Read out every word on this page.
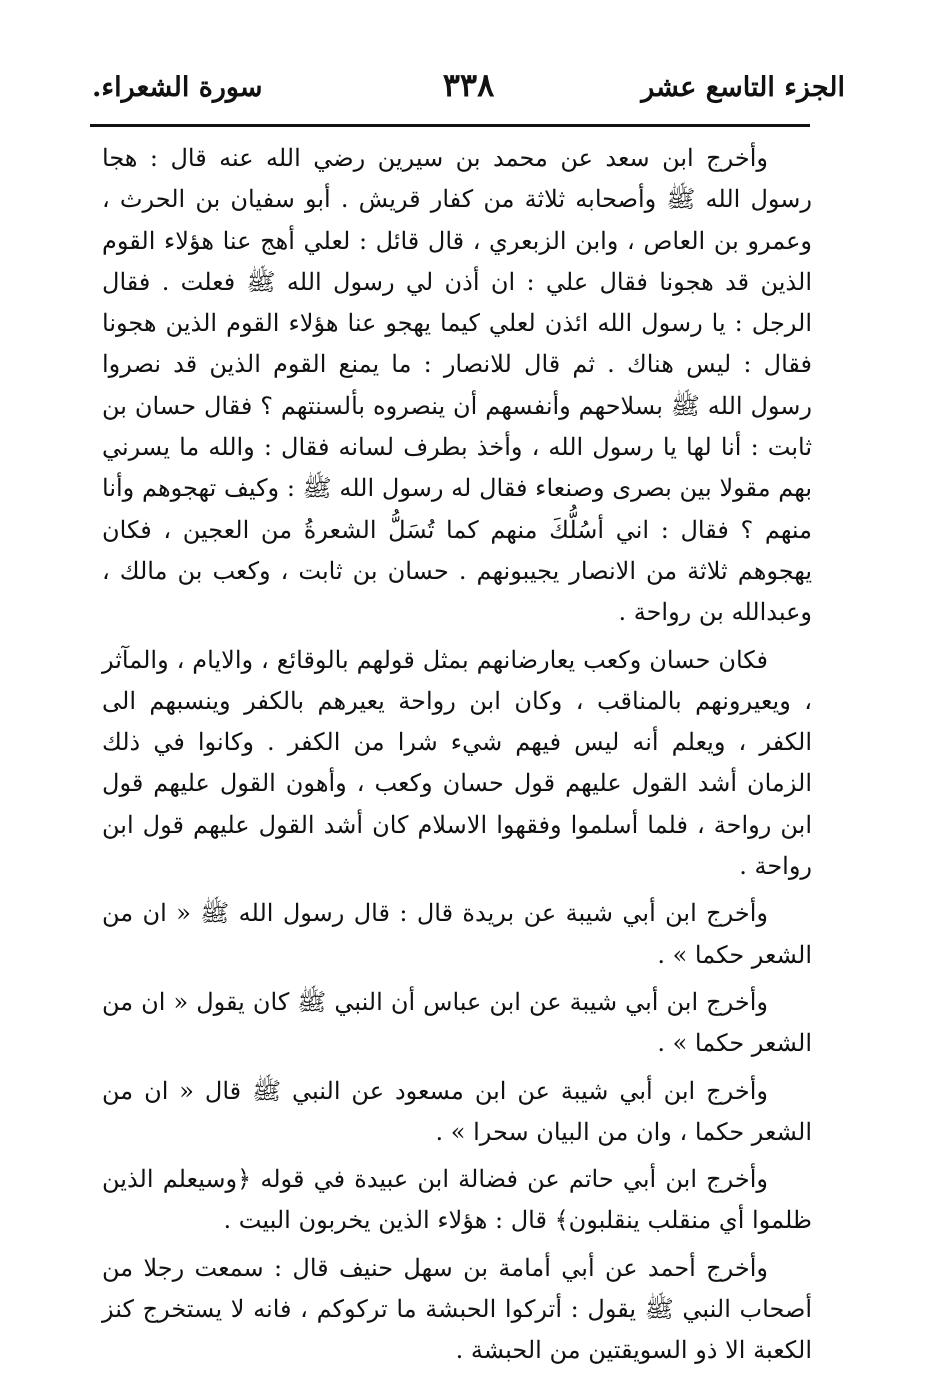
الجزء التاسع عشر
٣٣٨
سورة الشعراء.

وأخرج ابن سعد عن محمد بن سيرين رضي الله عنه قال : هجا رسول الله ﷺ وأصحابه ثلاثة من كفار قريش . أبو سفيان بن الحرث ، وعمرو بن العاص ، وابن الزبعري ، قال قائل : لعلي أهج عنا هؤلاء القوم الذين قد هجونا فقال علي : ان أذن لي رسول الله ﷺ فعلت . فقال الرجل : يا رسول الله ائذن لعلي كيما يهجو عنا هؤلاء القوم الذين هجونا فقال : ليس هناك . ثم قال للانصار : ما يمنع القوم الذين قد نصروا رسول الله ﷺ بسلاحهم وأنفسهم أن ينصروه بألسنتهم ؟ فقال حسان بن ثابت : أنا لها يا رسول الله ، وأخذ بطرف لسانه فقال : والله ما يسرني بهم مقولا بين بصرى وصنعاء فقال له رسول الله ﷺ : وكيف تهجوهم وأنا منهم ؟ فقال : اني أسُلُّكَ منهم كما تُسَلُّ الشعرةُ من العجين ، فكان يهجوهم ثلاثة من الانصار يجيبونهم . حسان بن ثابت ، وكعب بن مالك ، وعبدالله بن رواحة .

فكان حسان وكعب يعارضانهم بمثل قولهم بالوقائع ، والايام ، والمآثر ، ويعيرونهم بالمناقب ، وكان ابن رواحة يعيرهم بالكفر وينسبهم الى الكفر ، ويعلم أنه ليس فيهم شيء شرا من الكفر . وكانوا في ذلك الزمان أشد القول عليهم قول حسان وكعب ، وأهون القول عليهم قول ابن رواحة ، فلما أسلموا وفقهوا الاسلام كان أشد القول عليهم قول ابن رواحة .

وأخرج ابن أبي شيبة عن بريدة قال : قال رسول الله ﷺ « ان من الشعر حكما » .

وأخرج ابن أبي شيبة عن ابن عباس أن النبي ﷺ كان يقول « ان من الشعر حكما » .

وأخرج ابن أبي شيبة عن ابن مسعود عن النبي ﷺ قال « ان من الشعر حكما ، وان من البيان سحرا » .

وأخرج ابن أبي حاتم عن فضالة ابن عبيدة في قوله ﴿وسيعلم الذين ظلموا أي منقلب ينقلبون﴾ قال : هؤلاء الذين يخربون البيت .

وأخرج أحمد عن أبي أمامة بن سهل حنيف قال : سمعت رجلا من أصحاب النبي ﷺ يقول : أتركوا الحبشة ما تركوكم ، فانه لا يستخرج كنز الكعبة الا ذو السويقتين من الحبشة .
